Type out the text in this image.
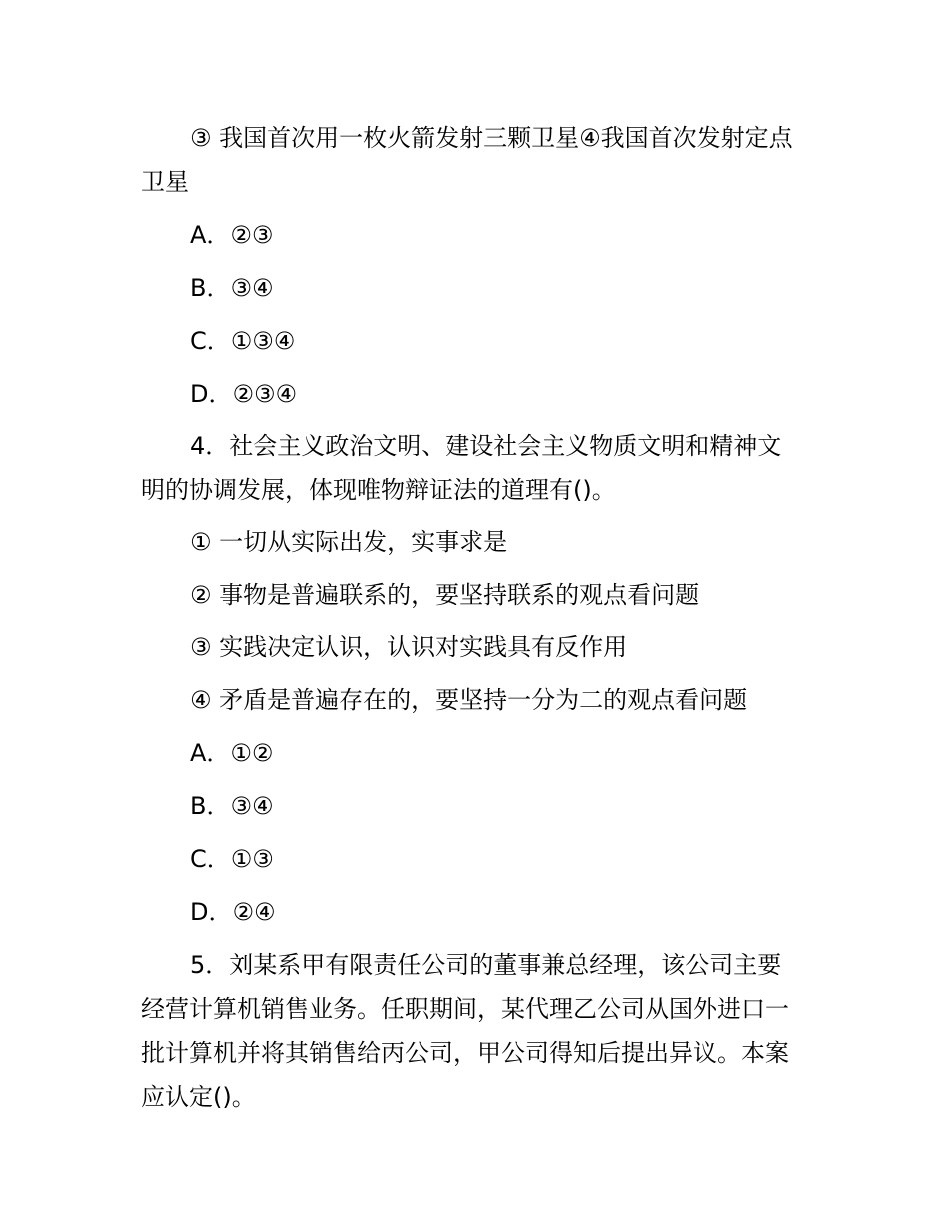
③ 我国首次用一枚火箭发射三颗卫星④我国首次发射定点
卫星
A．②③
B．③④
C．①③④
D．②③④
4．社会主义政治文明、建设社会主义物质文明和精神文
明的协调发展，体现唯物辩证法的道理有()。
① 一切从实际出发，实事求是
② 事物是普遍联系的，要坚持联系的观点看问题
③ 实践决定认识，认识对实践具有反作用
④ 矛盾是普遍存在的，要坚持一分为二的观点看问题
A．①②
B．③④
C．①③
D．②④
5．刘某系甲有限责任公司的董事兼总经理，该公司主要
经营计算机销售业务。任职期间，某代理乙公司从国外进口一
批计算机并将其销售给丙公司，甲公司得知后提出异议。本案
应认定()。
